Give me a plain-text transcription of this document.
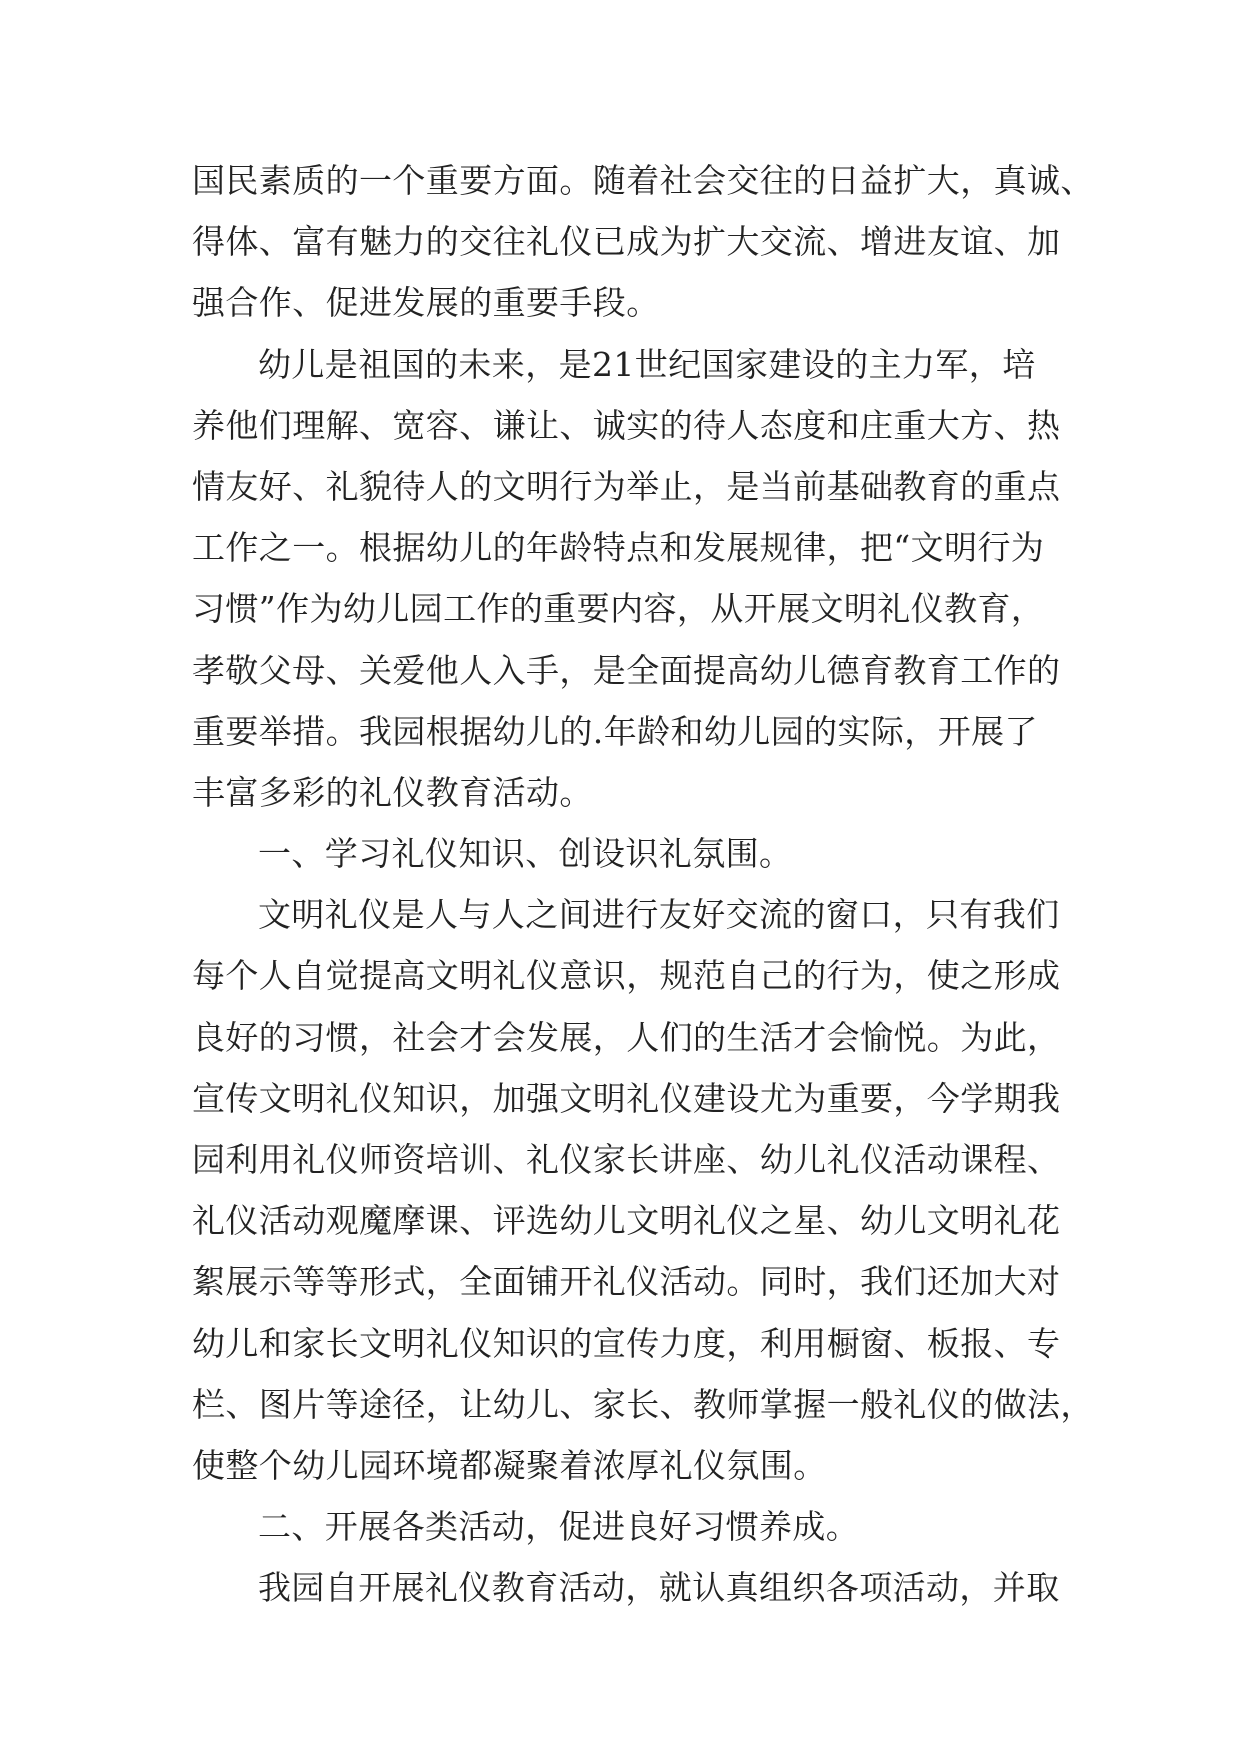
国民素质的一个重要方面。随着社会交往的日益扩大，真诚、
得体、富有魅力的交往礼仪已成为扩大交流、增进友谊、加
强合作、促进发展的重要手段。
幼儿是祖国的未来，是21世纪国家建设的主力军，培
养他们理解、宽容、谦让、诚实的待人态度和庄重大方、热
情友好、礼貌待人的文明行为举止，是当前基础教育的重点
工作之一。根据幼儿的年龄特点和发展规律，把“文明行为
习惯”作为幼儿园工作的重要内容，从开展文明礼仪教育，
孝敬父母、关爱他人入手，是全面提高幼儿德育教育工作的
重要举措。我园根据幼儿的.年龄和幼儿园的实际，开展了
丰富多彩的礼仪教育活动。
一、学习礼仪知识、创设识礼氛围。
文明礼仪是人与人之间进行友好交流的窗口，只有我们
每个人自觉提高文明礼仪意识，规范自己的行为，使之形成
良好的习惯，社会才会发展，人们的生活才会愉悦。为此，
宣传文明礼仪知识，加强文明礼仪建设尤为重要，今学期我
园利用礼仪师资培训、礼仪家长讲座、幼儿礼仪活动课程、
礼仪活动观魔摩课、评选幼儿文明礼仪之星、幼儿文明礼花
絮展示等等形式，全面铺开礼仪活动。同时，我们还加大对
幼儿和家长文明礼仪知识的宣传力度，利用橱窗、板报、专
栏、图片等途径，让幼儿、家长、教师掌握一般礼仪的做法，
使整个幼儿园环境都凝聚着浓厚礼仪氛围。
二、开展各类活动，促进良好习惯养成。
我园自开展礼仪教育活动，就认真组织各项活动，并取
